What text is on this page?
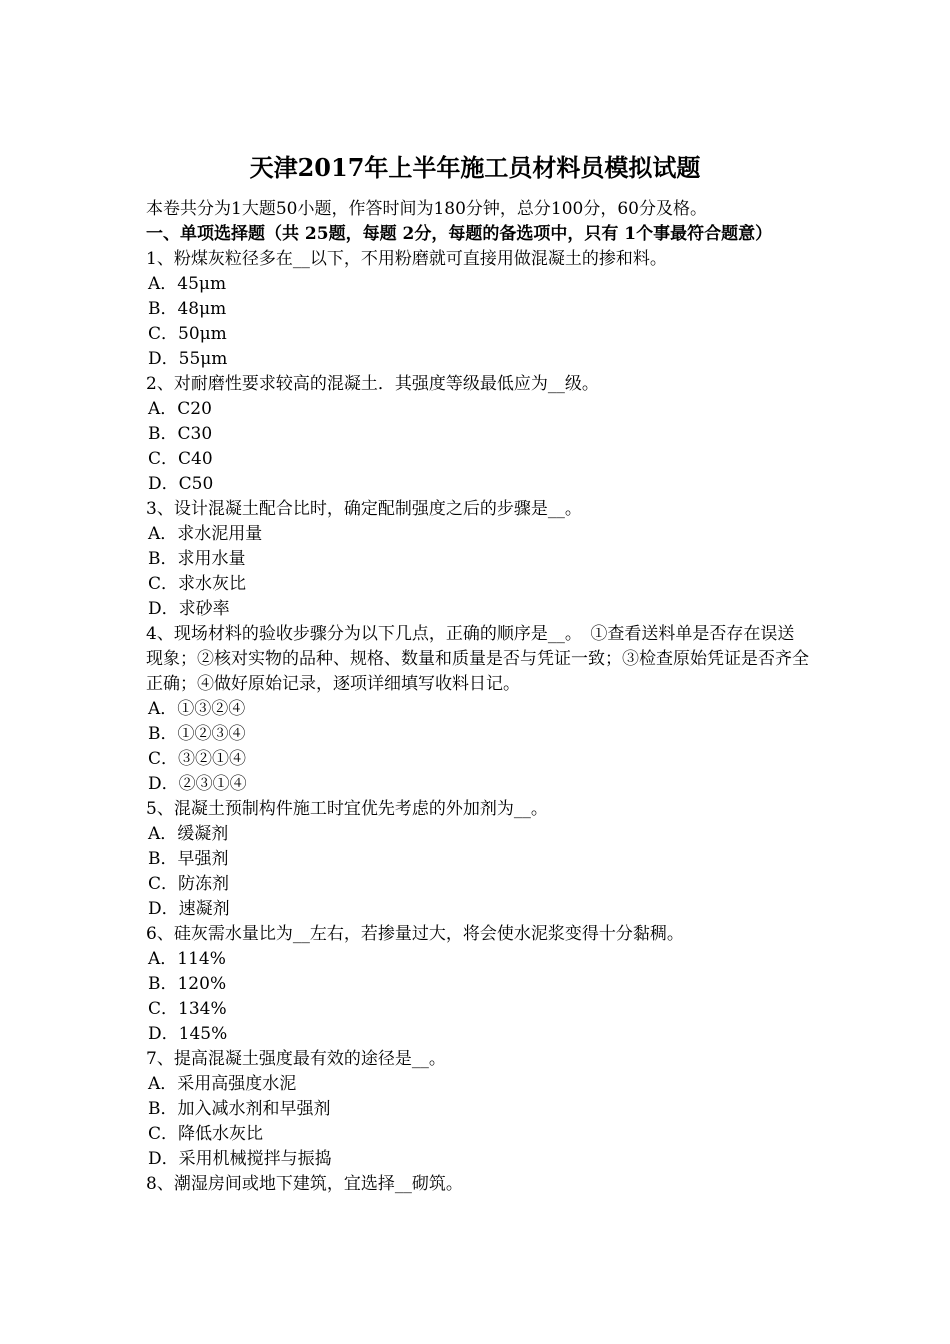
天津2017年上半年施工员材料员模拟试题
本卷共分为1大题50小题，作答时间为180分钟，总分100分，60分及格。
一、单项选择题（共 25题，每题 2分，每题的备选项中，只有 1个事最符合题意）
1、粉煤灰粒径多在__以下，不用粉磨就可直接用做混凝土的掺和料。
A．45μm
B．48μm
C．50μm
D．55μm
2、对耐磨性要求较高的混凝土．其强度等级最低应为__级。
A．C20
B．C30
C．C40
D．C50
3、设计混凝土配合比时，确定配制强度之后的步骤是__。
A．求水泥用量
B．求用水量
C．求水灰比
D．求砂率
4、现场材料的验收步骤分为以下几点，正确的顺序是__。　①查看送料单是否存在误送现象；②核对实物的品种、规格、数量和质量是否与凭证一致；③检查原始凭证是否齐全正确；④做好原始记录，逐项详细填写收料日记。
A．①③②④
B．①②③④
C．③②①④
D．②③①④
5、混凝土预制构件施工时宜优先考虑的外加剂为__。
A．缓凝剂
B．早强剂
C．防冻剂
D．速凝剂
6、硅灰需水量比为__左右，若掺量过大，将会使水泥浆变得十分黏稠。
A．114%
B．120%
C．134%
D．145%
7、提高混凝土强度最有效的途径是__。
A．采用高强度水泥
B．加入减水剂和早强剂
C．降低水灰比
D．采用机械搅拌与振捣
8、潮湿房间或地下建筑，宜选择__砌筑。
